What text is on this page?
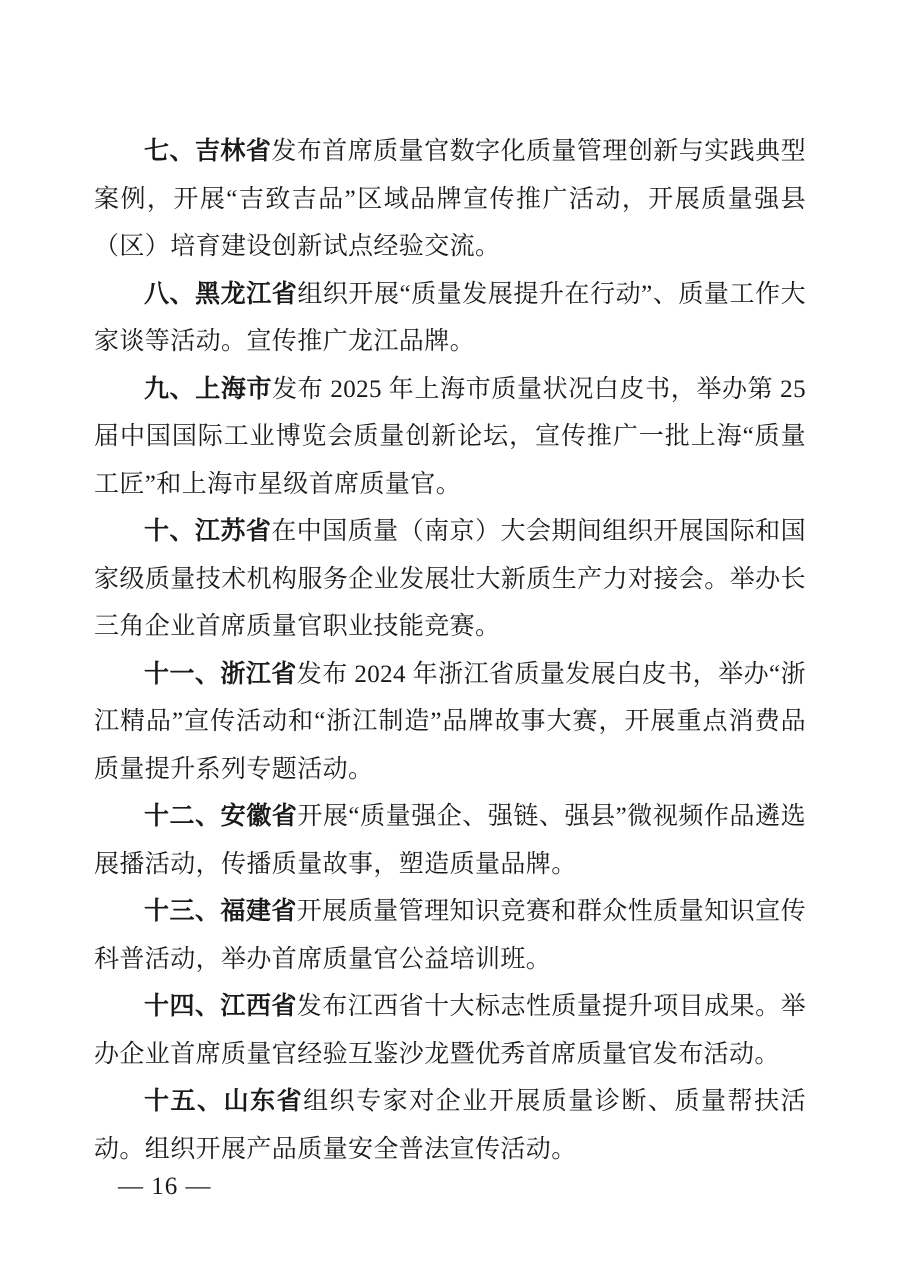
七、吉林省发布首席质量官数字化质量管理创新与实践典型案例，开展“吉致吉品”区域品牌宣传推广活动，开展质量强县（区）培育建设创新试点经验交流。

八、黑龙江省组织开展“质量发展提升在行动”、质量工作大家谈等活动。宣传推广龙江品牌。

九、上海市发布 2025 年上海市质量状况白皮书，举办第 25 届中国国际工业博览会质量创新论坛，宣传推广一批上海“质量工匠”和上海市星级首席质量官。

十、江苏省在中国质量（南京）大会期间组织开展国际和国家级质量技术机构服务企业发展壮大新质生产力对接会。举办长三角企业首席质量官职业技能竞赛。

十一、浙江省发布 2024 年浙江省质量发展白皮书，举办“浙江精品”宣传活动和“浙江制造”品牌故事大赛，开展重点消费品质量提升系列专题活动。

十二、安徽省开展“质量强企、强链、强县”微视频作品遴选展播活动，传播质量故事，塑造质量品牌。

十三、福建省开展质量管理知识竞赛和群众性质量知识宣传科普活动，举办首席质量官公益培训班。

十四、江西省发布江西省十大标志性质量提升项目成果。举办企业首席质量官经验互鉴沙龙暨优秀首席质量官发布活动。

十五、山东省组织专家对企业开展质量诊断、质量帮扶活动。组织开展产品质量安全普法宣传活动。

— 16 —
